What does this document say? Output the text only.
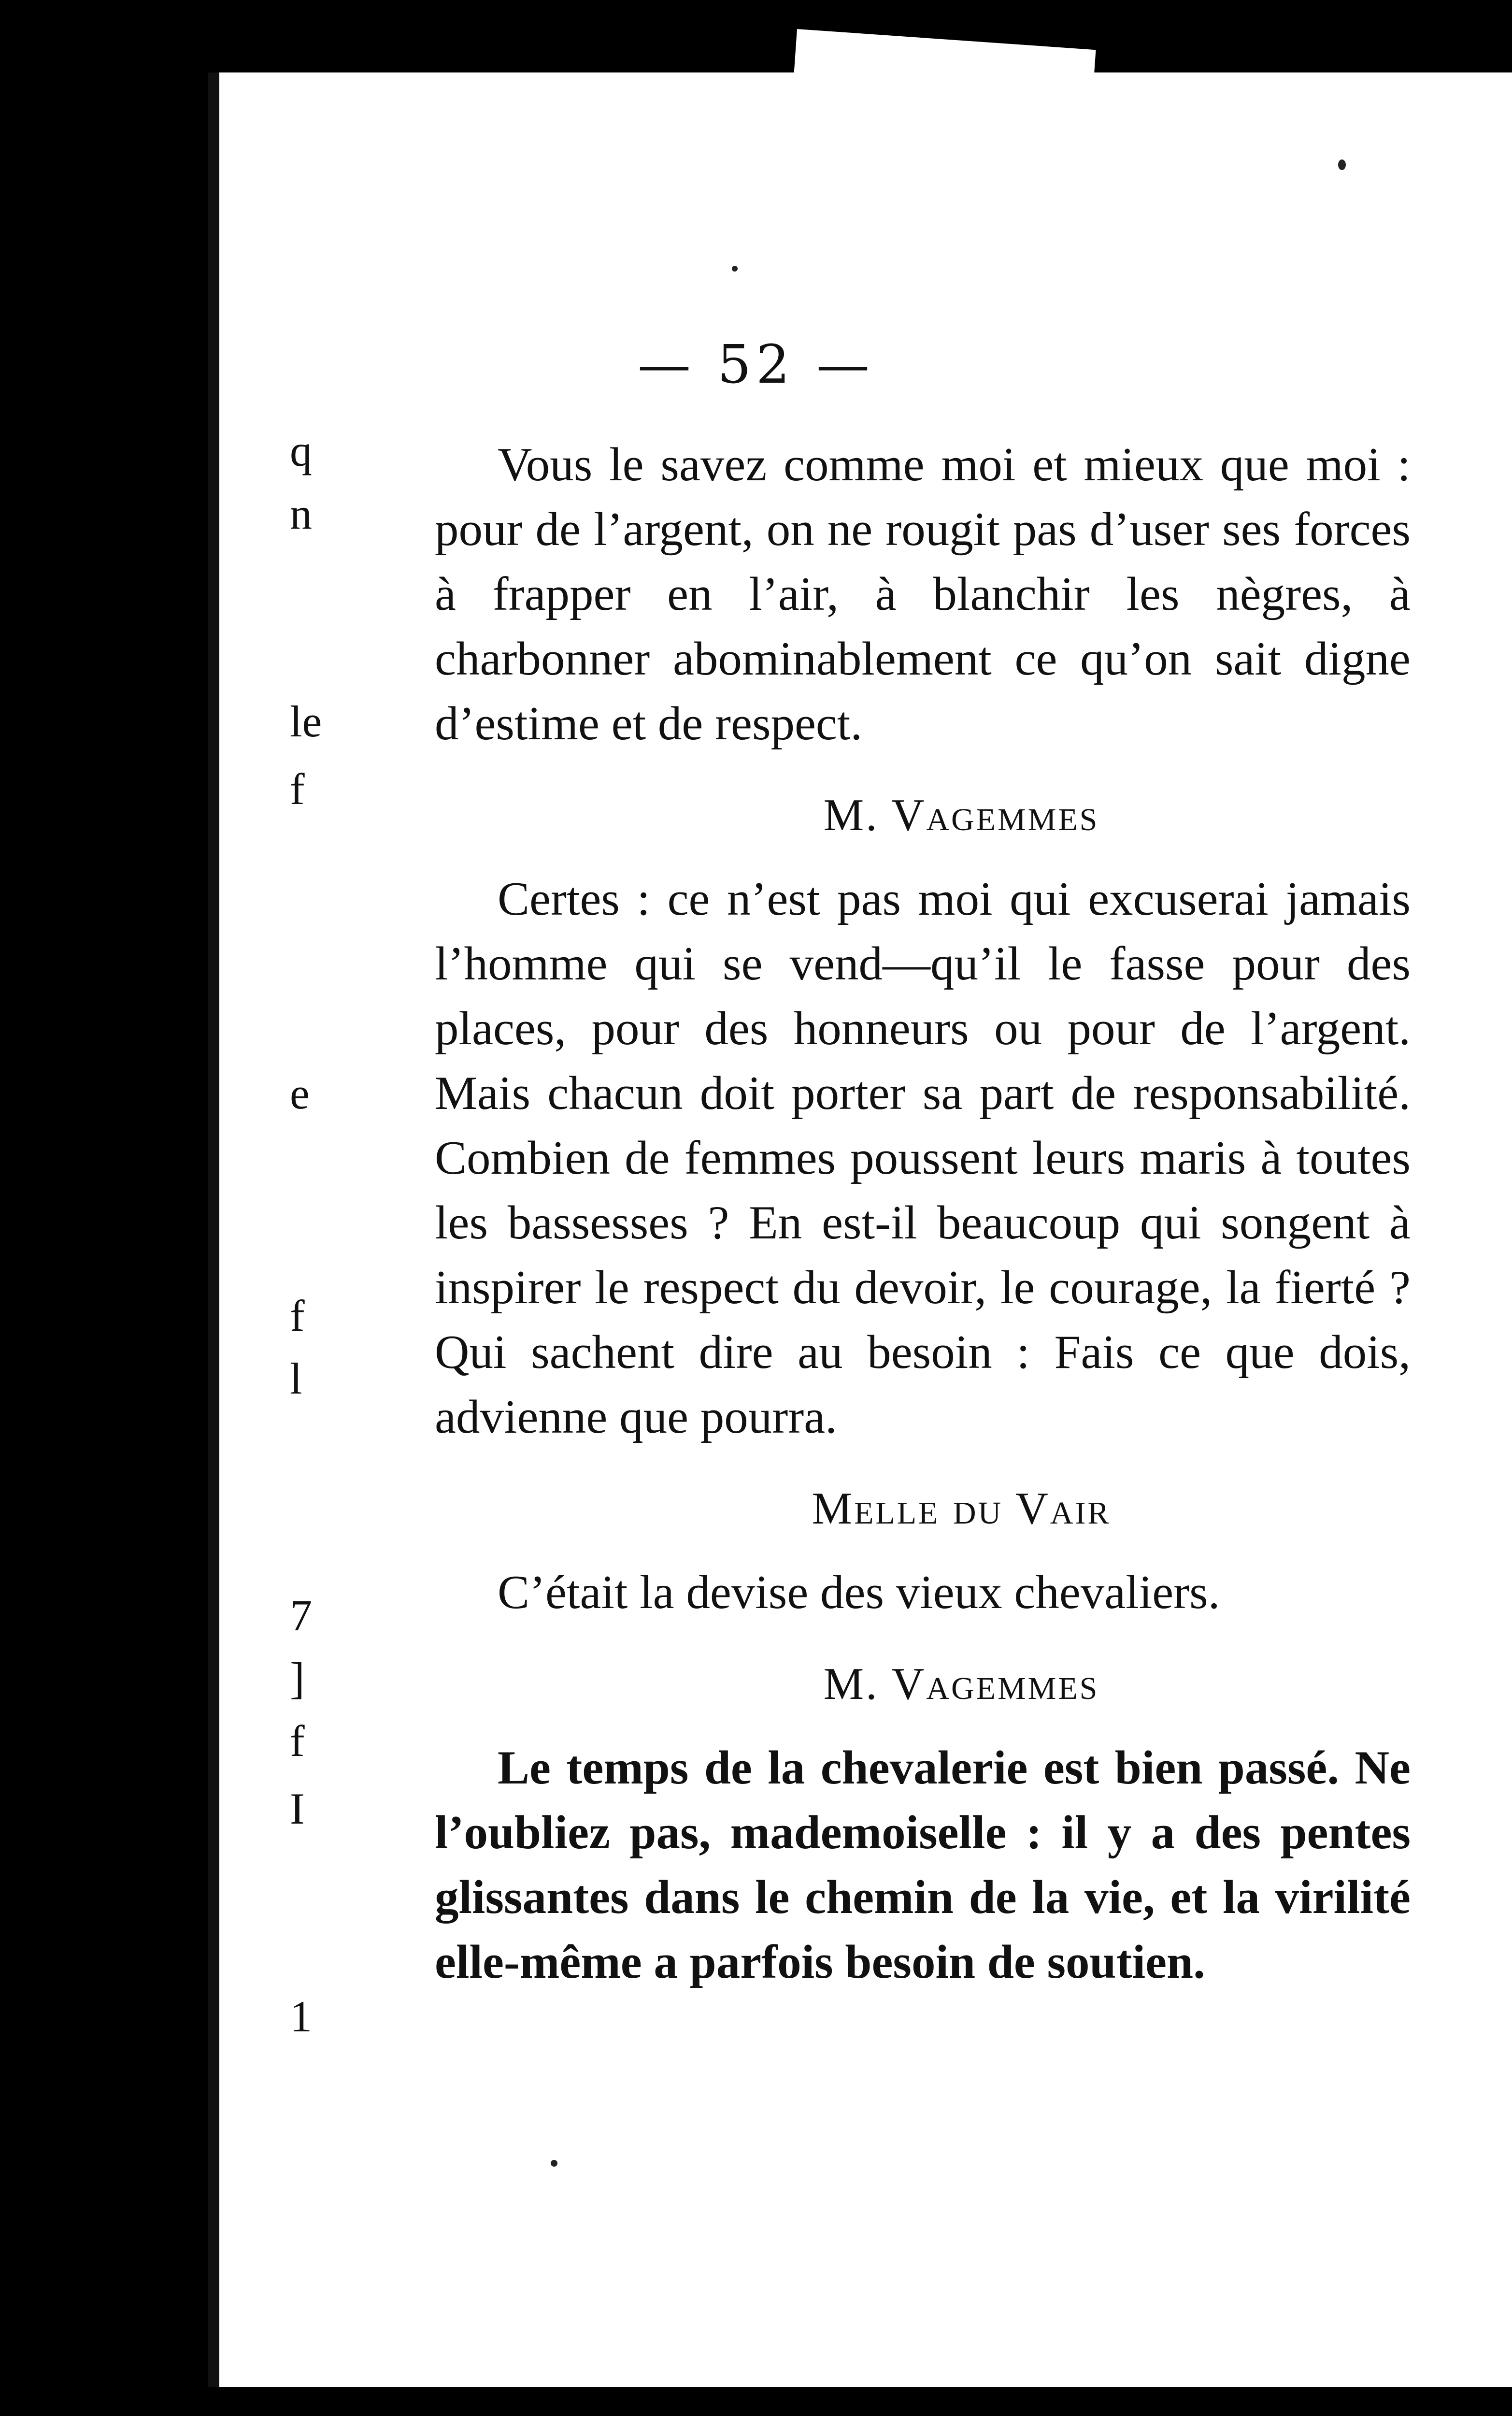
q
n
le
f
e
f
l
7
]
f
I
1
— 52 —

Vous le savez comme moi et mieux que moi : pour de l’argent, on ne rougit pas d’user ses forces à frapper en l’air, à blanchir les nègres, à charbonner abominablement ce qu’on sait digne d’estime et de respect.

M. Vagemmes

Certes : ce n’est pas moi qui excuserai jamais l’homme qui se vend—qu’il le fasse pour des places, pour des honneurs ou pour de l’argent. Mais chacun doit porter sa part de responsabilité. Combien de femmes poussent leurs maris à toutes les bassesses ? En est-il beaucoup qui songent à inspirer le respect du devoir, le courage, la fierté ? Qui sachent dire au besoin : Fais ce que dois, advienne que pourra.

Melle du Vair

C’était la devise des vieux chevaliers.

M. Vagemmes

Le temps de la chevalerie est bien passé. Ne l’oubliez pas, mademoiselle : il y a des pentes glissantes dans le chemin de la vie, et la virilité elle-même a parfois besoin de soutien.
